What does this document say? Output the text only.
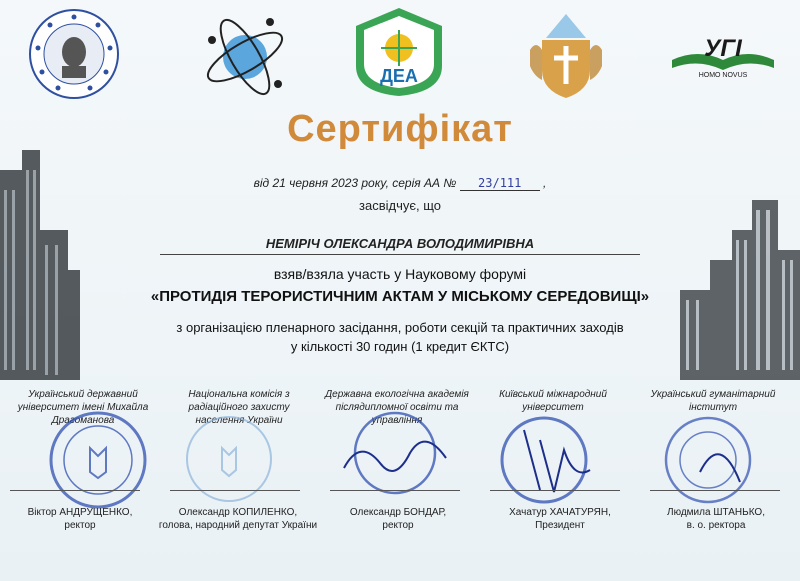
ДЕА
УГІ
HOMO NOVUS
Сертифікат
від 21 червня 2023 року, серія АА № 23/111 ,
засвідчує, що
НЕМІРІЧ ОЛЕКСАНДРА ВОЛОДИМИРІВНА
взяв/взяла участь у Науковому форумі
«ПРОТИДІЯ ТЕРОРИСТИЧНИМ АКТАМ У МІСЬКОМУ СЕРЕДОВИЩІ»
з організацією пленарного засідання, роботи секцій та практичних заходів
у кількості 30 годин (1 кредит ЄКТС)
Український державний університет імені Михайла Драгоманова
Національна комісія з радіаційного захисту населення України
Державна екологічна академія післядипломної освіти та управління
Київський міжнародний університет
Український гуманітарний інститут
Віктор АНДРУЩЕНКО,
ректор
Олександр КОПИЛЕНКО,
голова, народний депутат України
Олександр БОНДАР,
ректор
Хачатур ХАЧАТУРЯН,
Президент
Людмила ШТАНЬКО,
в. о. ректора
